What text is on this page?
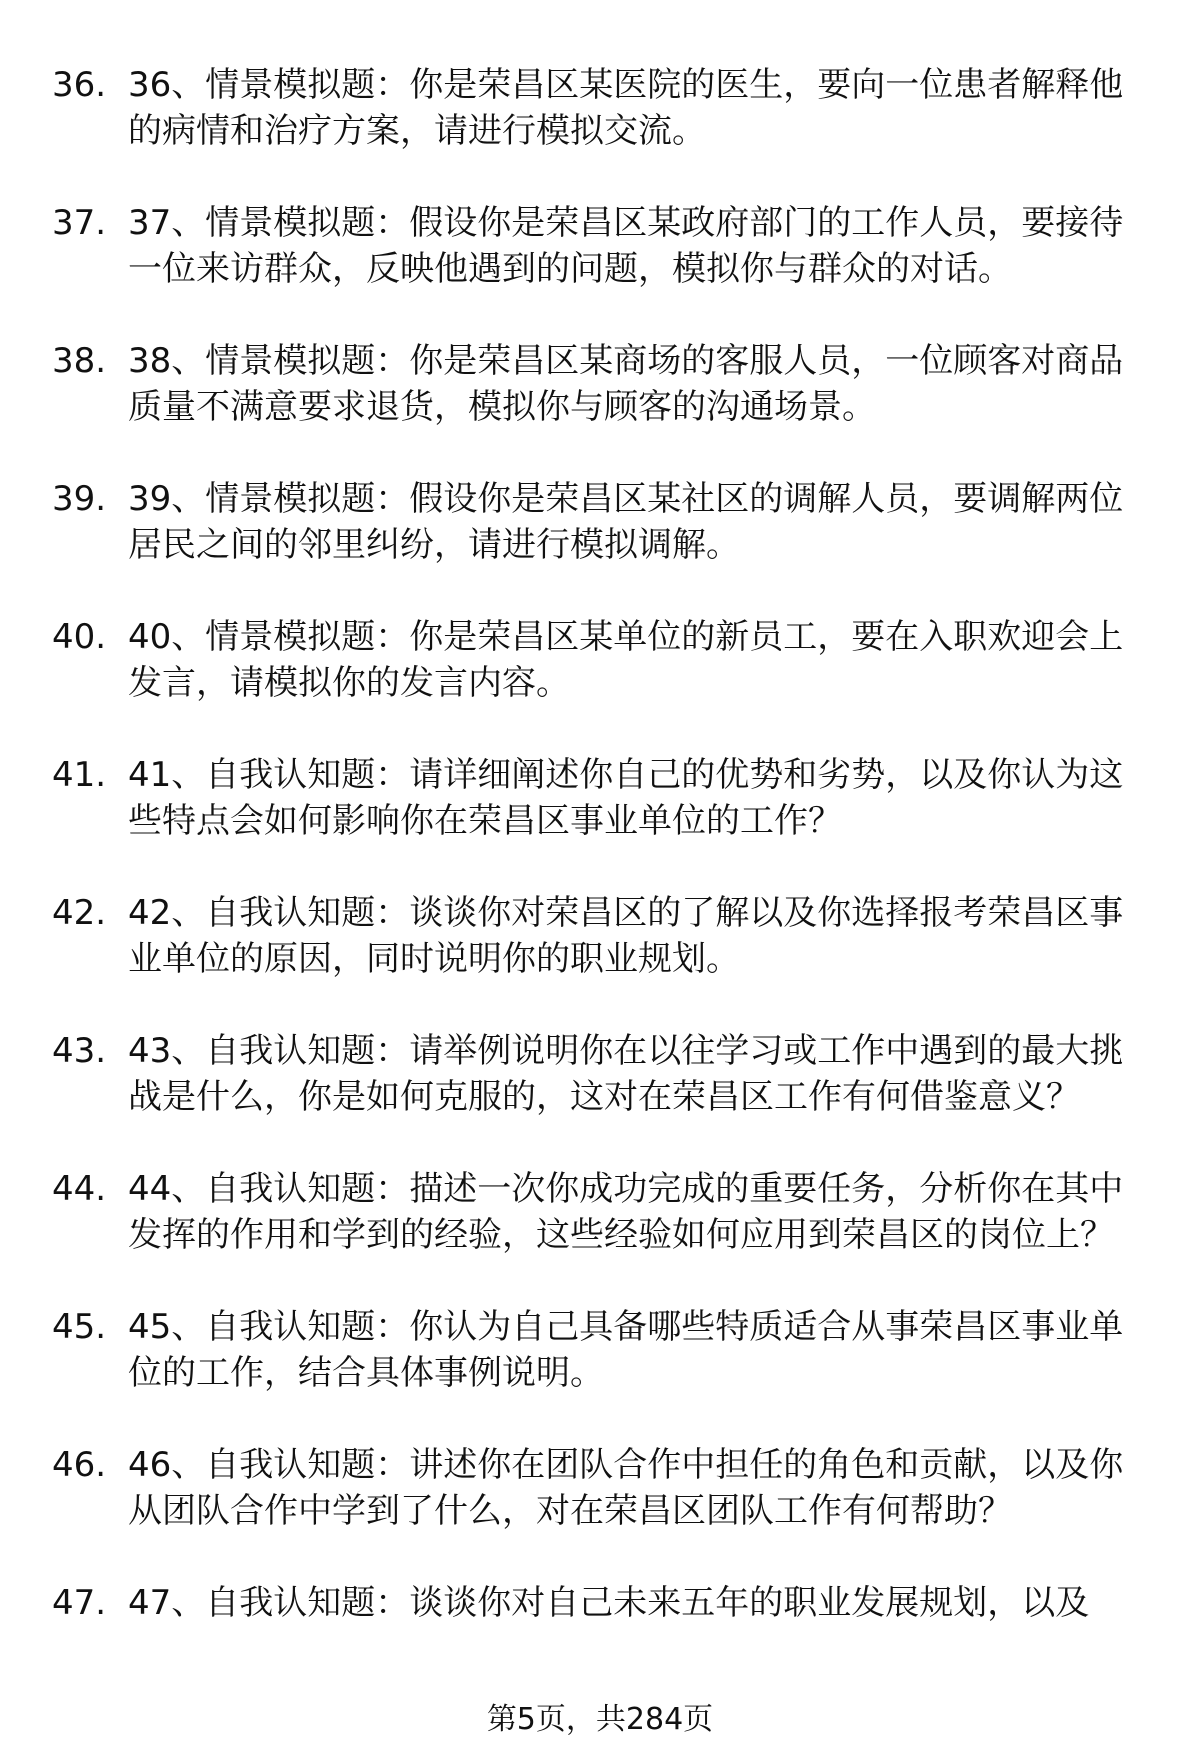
36. 36、情景模拟题：你是荣昌区某医院的医生，要向一位患者解释他的病情和治疗方案，请进行模拟交流。
37. 37、情景模拟题：假设你是荣昌区某政府部门的工作人员，要接待一位来访群众，反映他遇到的问题，模拟你与群众的对话。
38. 38、情景模拟题：你是荣昌区某商场的客服人员，一位顾客对商品质量不满意要求退货，模拟你与顾客的沟通场景。
39. 39、情景模拟题：假设你是荣昌区某社区的调解人员，要调解两位居民之间的邻里纠纷，请进行模拟调解。
40. 40、情景模拟题：你是荣昌区某单位的新员工，要在入职欢迎会上发言，请模拟你的发言内容。
41. 41、自我认知题：请详细阐述你自己的优势和劣势，以及你认为这些特点会如何影响你在荣昌区事业单位的工作？
42. 42、自我认知题：谈谈你对荣昌区的了解以及你选择报考荣昌区事业单位的原因，同时说明你的职业规划。
43. 43、自我认知题：请举例说明你在以往学习或工作中遇到的最大挑战是什么，你是如何克服的，这对在荣昌区工作有何借鉴意义？
44. 44、自我认知题：描述一次你成功完成的重要任务，分析你在其中发挥的作用和学到的经验，这些经验如何应用到荣昌区的岗位上？
45. 45、自我认知题：你认为自己具备哪些特质适合从事荣昌区事业单位的工作，结合具体事例说明。
46. 46、自我认知题：讲述你在团队合作中担任的角色和贡献，以及你从团队合作中学到了什么，对在荣昌区团队工作有何帮助？
47. 47、自我认知题：谈谈你对自己未来五年的职业发展规划，以及
第5页，共284页
